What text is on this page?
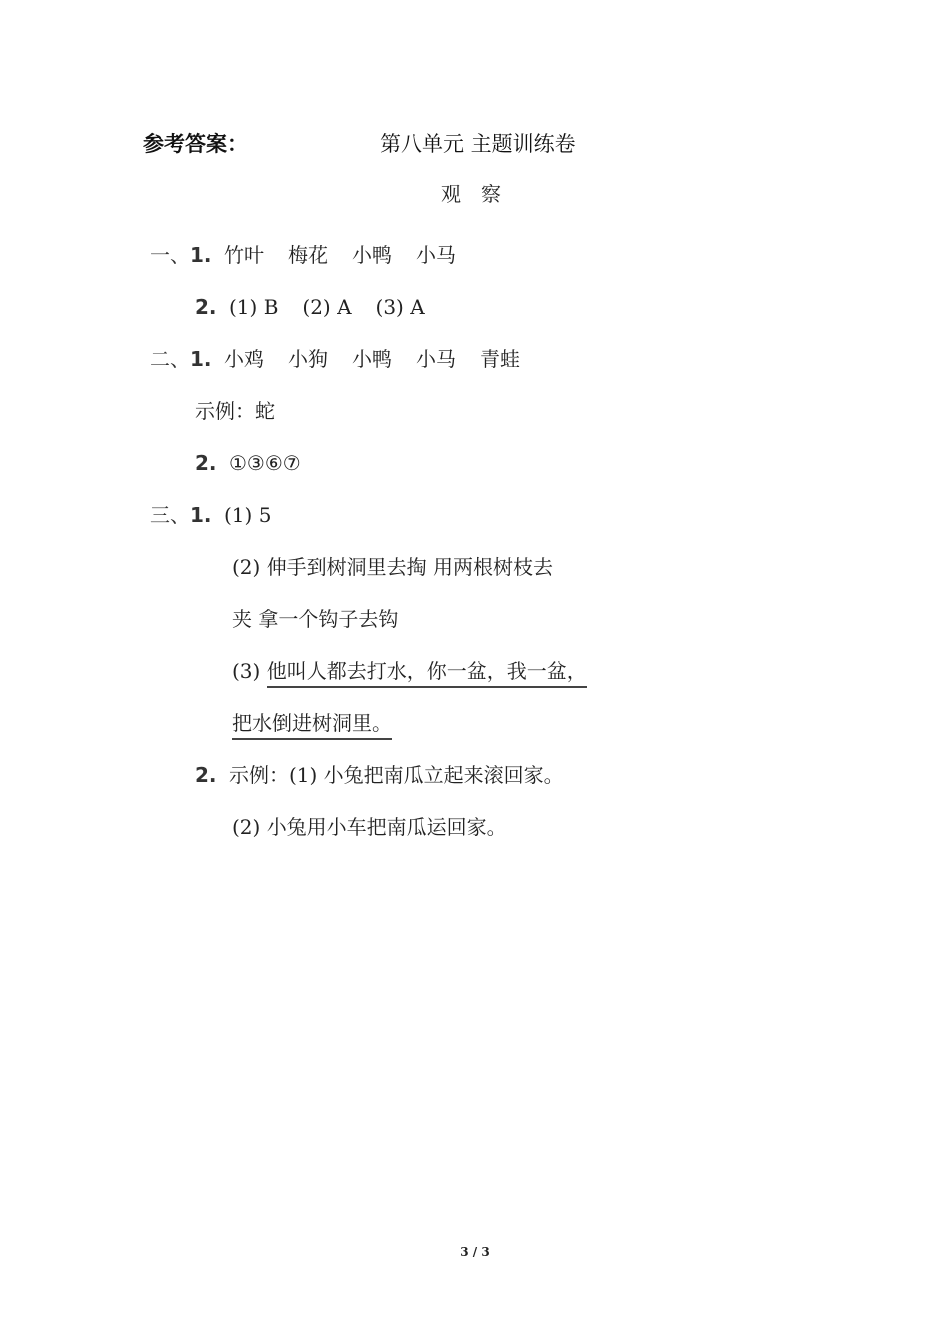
参考答案：	第八单元 主题训练卷
观察
一、1. 竹叶 梅花 小鸭 小马
2. (1) B (2) A (3) A
二、1. 小鸡 小狗 小鸭 小马 青蛙
示例：蛇
2. ①③⑥⑦
三、1. (1) 5
(2) 伸手到树洞里去掏 用两根树枝去
夹 拿一个钩子去钩
(3) 他叫人都去打水，你一盆，我一盆，
把水倒进树洞里。
2. 示例：(1) 小兔把南瓜立起来滚回家。
(2) 小兔用小车把南瓜运回家。
3 / 3
